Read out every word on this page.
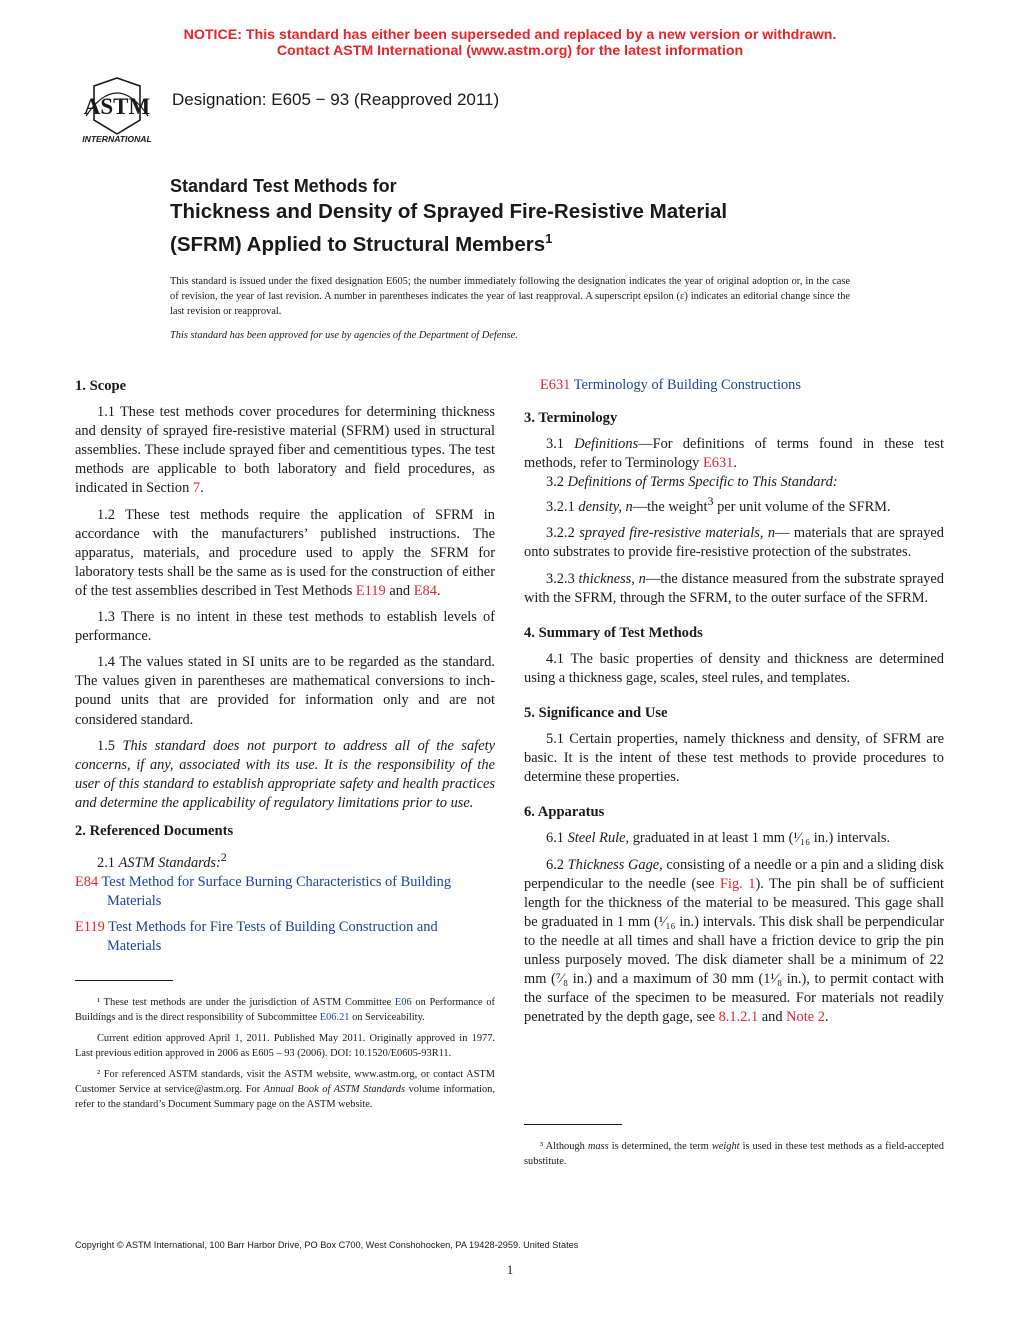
NOTICE: This standard has either been superseded and replaced by a new version or withdrawn.
Contact ASTM International (www.astm.org) for the latest information
ASTM
INTERNATIONAL
Designation: E605 − 93 (Reapproved 2011)
Standard Test Methods for
Thickness and Density of Sprayed Fire-Resistive Material
(SFRM) Applied to Structural Members$^1$
This standard is issued under the fixed designation E605; the number immediately following the designation indicates the year of original adoption or, in the case of revision, the year of last revision. A number in parentheses indicates the year of last reapproval. A superscript epsilon (ε) indicates an editorial change since the last revision or reapproval.
This standard has been approved for use by agencies of the Department of Defense.
1. Scope

1.1 These test methods cover procedures for determining thickness and density of sprayed fire-resistive material (SFRM) used in structural assemblies. These include sprayed fiber and cementitious types. The test methods are applicable to both laboratory and field procedures, as indicated in Section 7.

1.2 These test methods require the application of SFRM in accordance with the manufacturers’ published instructions. The apparatus, materials, and procedure used to apply the SFRM for laboratory tests shall be the same as is used for the construction of either of the test assemblies described in Test Methods E119 and E84.

1.3 There is no intent in these test methods to establish levels of performance.

1.4 The values stated in SI units are to be regarded as the standard. The values given in parentheses are mathematical conversions to inch-pound units that are provided for information only and are not considered standard.

1.5 This standard does not purport to address all of the safety concerns, if any, associated with its use. It is the responsibility of the user of this standard to establish appropriate safety and health practices and determine the applicability of regulatory limitations prior to use.

2. Referenced Documents

2.1 ASTM Standards:$^2$

E84 Test Method for Surface Burning Characteristics of Building Materials

E119 Test Methods for Fire Tests of Building Construction and Materials

¹ These test methods are under the jurisdiction of ASTM Committee E06 on Performance of Buildings and is the direct responsibility of Subcommittee E06.21 on Serviceability.

Current edition approved April 1, 2011. Published May 2011. Originally approved in 1977. Last previous edition approved in 2006 as E605 – 93 (2006). DOI: 10.1520/E0605-93R11.

² For referenced ASTM standards, visit the ASTM website, www.astm.org, or contact ASTM Customer Service at service@astm.org. For Annual Book of ASTM Standards volume information, refer to the standard’s Document Summary page on the ASTM website.

E631 Terminology of Building Constructions

3. Terminology

3.1 Definitions—For definitions of terms found in these test methods, refer to Terminology E631.

3.2 Definitions of Terms Specific to This Standard:

3.2.1 density, n—the weight$^3$ per unit volume of the SFRM.

3.2.2 sprayed fire-resistive materials, n— materials that are sprayed onto substrates to provide fire-resistive protection of the substrates.

3.2.3 thickness, n—the distance measured from the substrate sprayed with the SFRM, through the SFRM, to the outer surface of the SFRM.

4. Summary of Test Methods

4.1 The basic properties of density and thickness are determined using a thickness gage, scales, steel rules, and templates.

5. Significance and Use

5.1 Certain properties, namely thickness and density, of SFRM are basic. It is the intent of these test methods to provide procedures to determine these properties.

6. Apparatus

6.1 Steel Rule, graduated in at least 1 mm (¹⁄₁₆ in.) intervals.

6.2 Thickness Gage, consisting of a needle or a pin and a sliding disk perpendicular to the needle (see Fig. 1). The pin shall be of sufficient length for the thickness of the material to be measured. This gage shall be graduated in 1 mm (¹⁄₁₆ in.) intervals. This disk shall be perpendicular to the needle at all times and shall have a friction device to grip the pin unless purposely moved. The disk diameter shall be a minimum of 22 mm (⁷⁄₈ in.) and a maximum of 30 mm (1¹⁄₈ in.), to permit contact with the surface of the specimen to be measured. For materials not readily penetrated by the depth gage, see 8.1.2.1 and Note 2.

³ Although mass is determined, the term weight is used in these test methods as a field-accepted substitute.

Copyright © ASTM International, 100 Barr Harbor Drive, PO Box C700, West Conshohocken, PA 19428-2959. United States
1
